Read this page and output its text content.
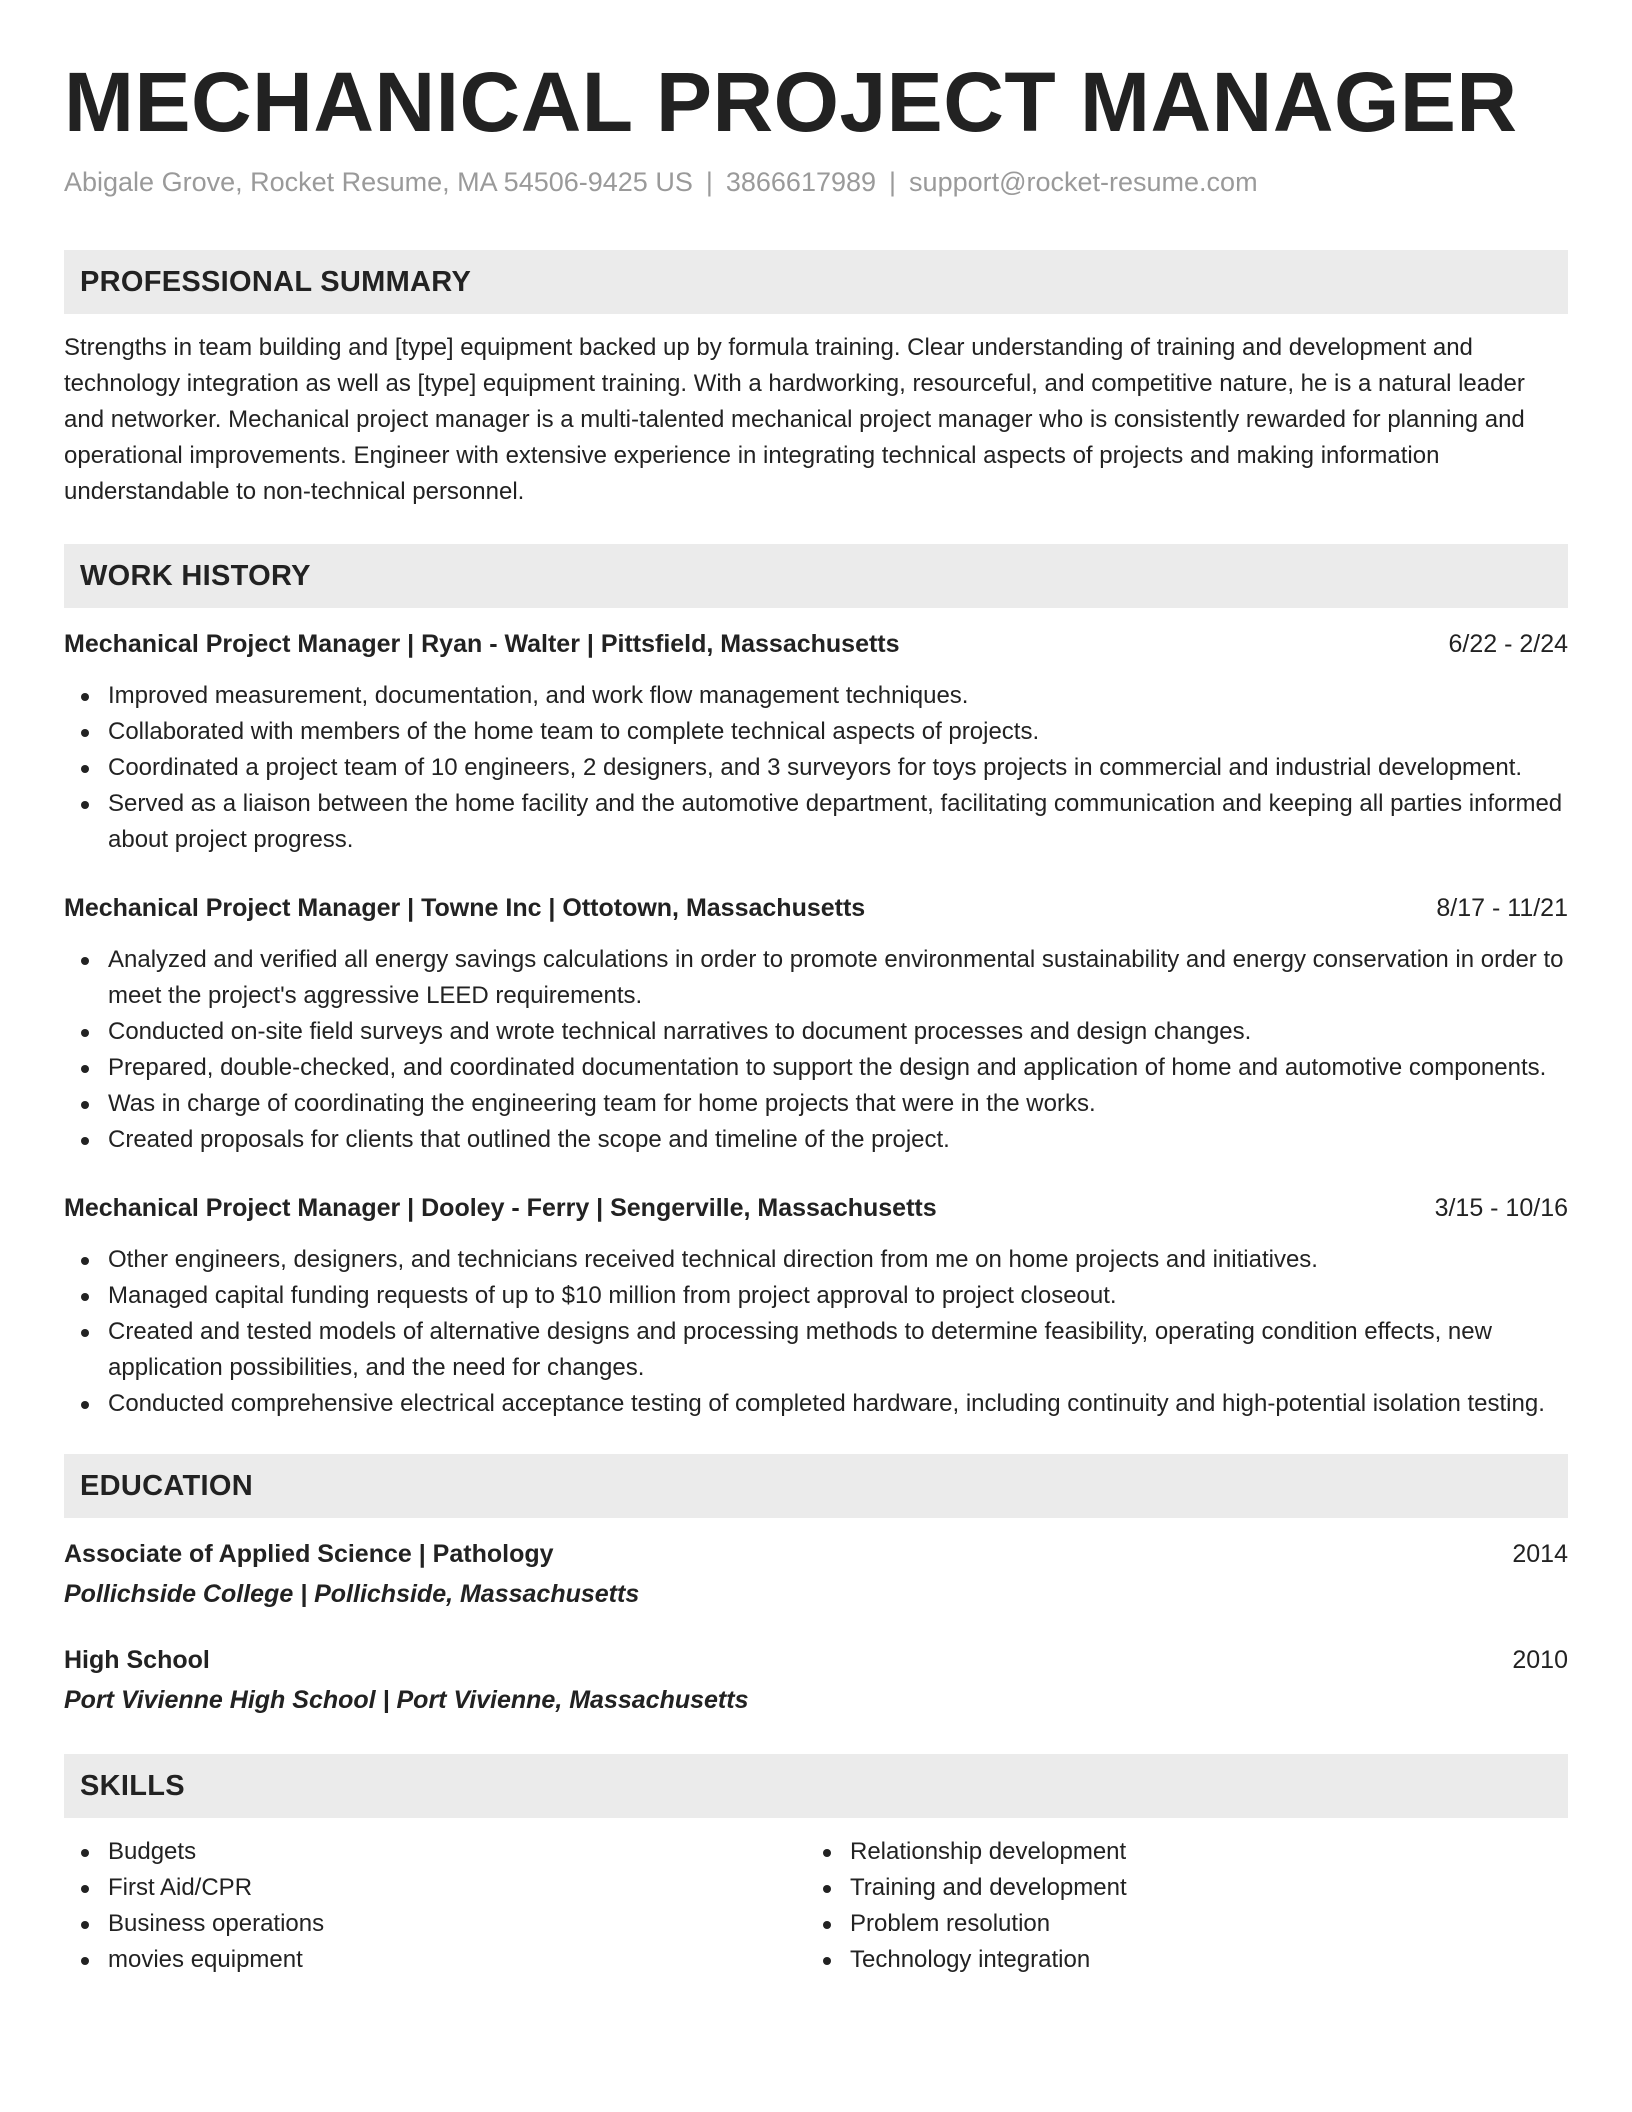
MECHANICAL PROJECT MANAGER
Abigale Grove, Rocket Resume, MA 54506-9425 US | 3866617989 | support@rocket-resume.com
PROFESSIONAL SUMMARY
Strengths in team building and [type] equipment backed up by formula training. Clear understanding of training and development and technology integration as well as [type] equipment training. With a hardworking, resourceful, and competitive nature, he is a natural leader and networker. Mechanical project manager is a multi-talented mechanical project manager who is consistently rewarded for planning and operational improvements. Engineer with extensive experience in integrating technical aspects of projects and making information understandable to non-technical personnel.
WORK HISTORY
Mechanical Project Manager | Ryan - Walter | Pittsfield, Massachusetts	6/22 - 2/24
Improved measurement, documentation, and work flow management techniques.
Collaborated with members of the home team to complete technical aspects of projects.
Coordinated a project team of 10 engineers, 2 designers, and 3 surveyors for toys projects in commercial and industrial development.
Served as a liaison between the home facility and the automotive department, facilitating communication and keeping all parties informed about project progress.
Mechanical Project Manager | Towne Inc | Ottotown, Massachusetts	8/17 - 11/21
Analyzed and verified all energy savings calculations in order to promote environmental sustainability and energy conservation in order to meet the project's aggressive LEED requirements.
Conducted on-site field surveys and wrote technical narratives to document processes and design changes.
Prepared, double-checked, and coordinated documentation to support the design and application of home and automotive components.
Was in charge of coordinating the engineering team for home projects that were in the works.
Created proposals for clients that outlined the scope and timeline of the project.
Mechanical Project Manager | Dooley - Ferry | Sengerville, Massachusetts	3/15 - 10/16
Other engineers, designers, and technicians received technical direction from me on home projects and initiatives.
Managed capital funding requests of up to $10 million from project approval to project closeout.
Created and tested models of alternative designs and processing methods to determine feasibility, operating condition effects, new application possibilities, and the need for changes.
Conducted comprehensive electrical acceptance testing of completed hardware, including continuity and high-potential isolation testing.
EDUCATION
Associate of Applied Science | Pathology	2014
Pollichside College | Pollichside, Massachusetts
High School	2010
Port Vivienne High School | Port Vivienne, Massachusetts
SKILLS
Budgets
First Aid/CPR
Business operations
movies equipment
Relationship development
Training and development
Problem resolution
Technology integration
